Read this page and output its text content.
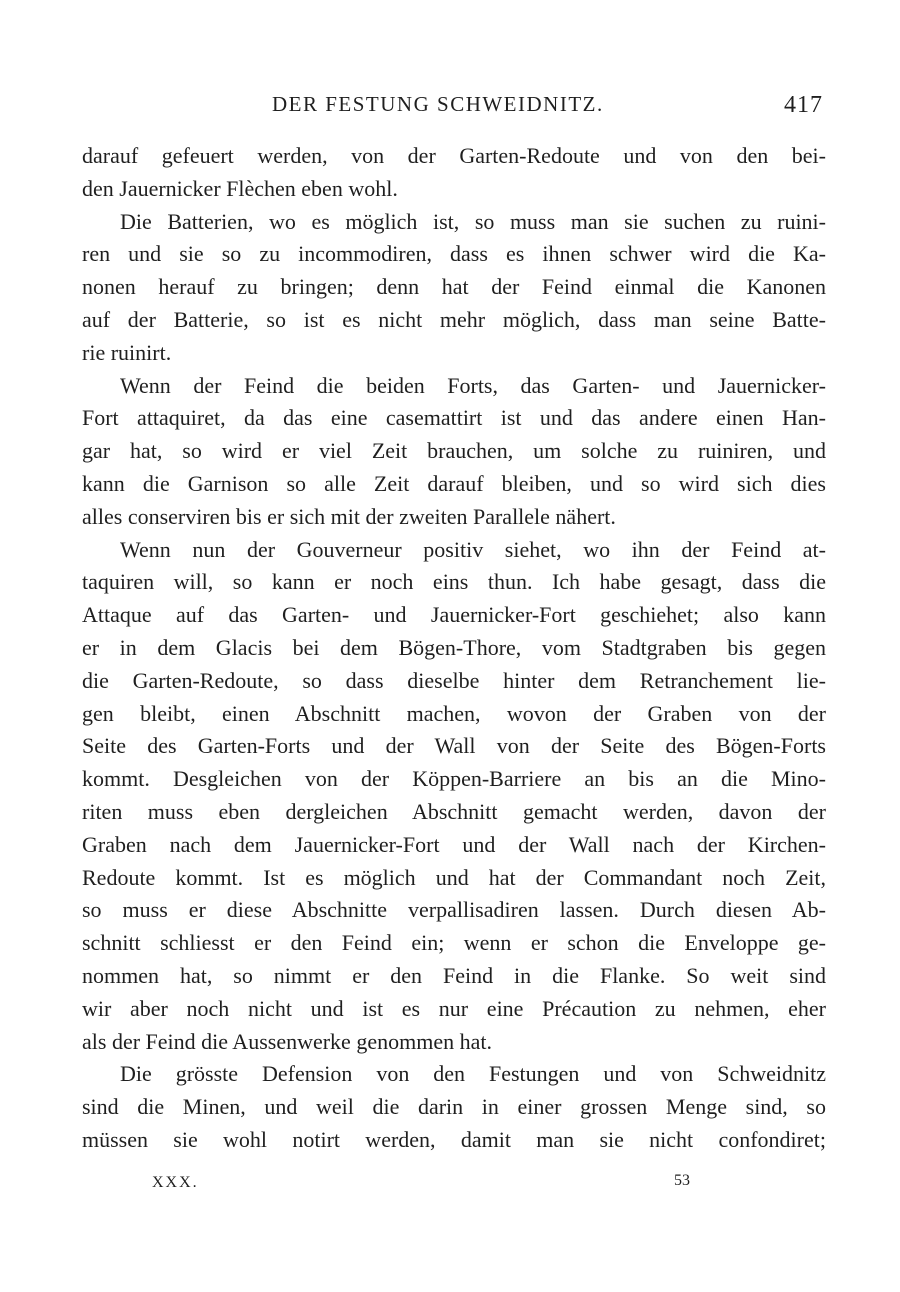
DER FESTUNG SCHWEIDNITZ.	417
darauf gefeuert werden, von der Garten-Redoute und von den bei-
den Jauernicker Flèchen eben wohl.
Die Batterien, wo es möglich ist, so muss man sie suchen zu ruini-
ren und sie so zu incommodiren, dass es ihnen schwer wird die Ka-
nonen herauf zu bringen; denn hat der Feind einmal die Kanonen
auf der Batterie, so ist es nicht mehr möglich, dass man seine Batte-
rie ruinirt.
Wenn der Feind die beiden Forts, das Garten- und Jauernicker-
Fort attaquiret, da das eine casemattirt ist und das andere einen Han-
gar hat, so wird er viel Zeit brauchen, um solche zu ruiniren, und
kann die Garnison so alle Zeit darauf bleiben, und so wird sich dies
alles conserviren bis er sich mit der zweiten Parallele nähert.
Wenn nun der Gouverneur positiv siehet, wo ihn der Feind at-
taquiren will, so kann er noch eins thun. Ich habe gesagt, dass die
Attaque auf das Garten- und Jauernicker-Fort geschiehet; also kann
er in dem Glacis bei dem Bögen-Thore, vom Stadtgraben bis gegen
die Garten-Redoute, so dass dieselbe hinter dem Retranchement lie-
gen bleibt, einen Abschnitt machen, wovon der Graben von der
Seite des Garten-Forts und der Wall von der Seite des Bögen-Forts
kommt. Desgleichen von der Köppen-Barriere an bis an die Mino-
riten muss eben dergleichen Abschnitt gemacht werden, davon der
Graben nach dem Jauernicker-Fort und der Wall nach der Kirchen-
Redoute kommt. Ist es möglich und hat der Commandant noch Zeit,
so muss er diese Abschnitte verpallisadiren lassen. Durch diesen Ab-
schnitt schliesst er den Feind ein; wenn er schon die Enveloppe ge-
nommen hat, so nimmt er den Feind in die Flanke. So weit sind
wir aber noch nicht und ist es nur eine Précaution zu nehmen, eher
als der Feind die Aussenwerke genommen hat.
Die grösste Defension von den Festungen und von Schweidnitz
sind die Minen, und weil die darin in einer grossen Menge sind, so
müssen sie wohl notirt werden, damit man sie nicht confondiret;
XXX.	53
